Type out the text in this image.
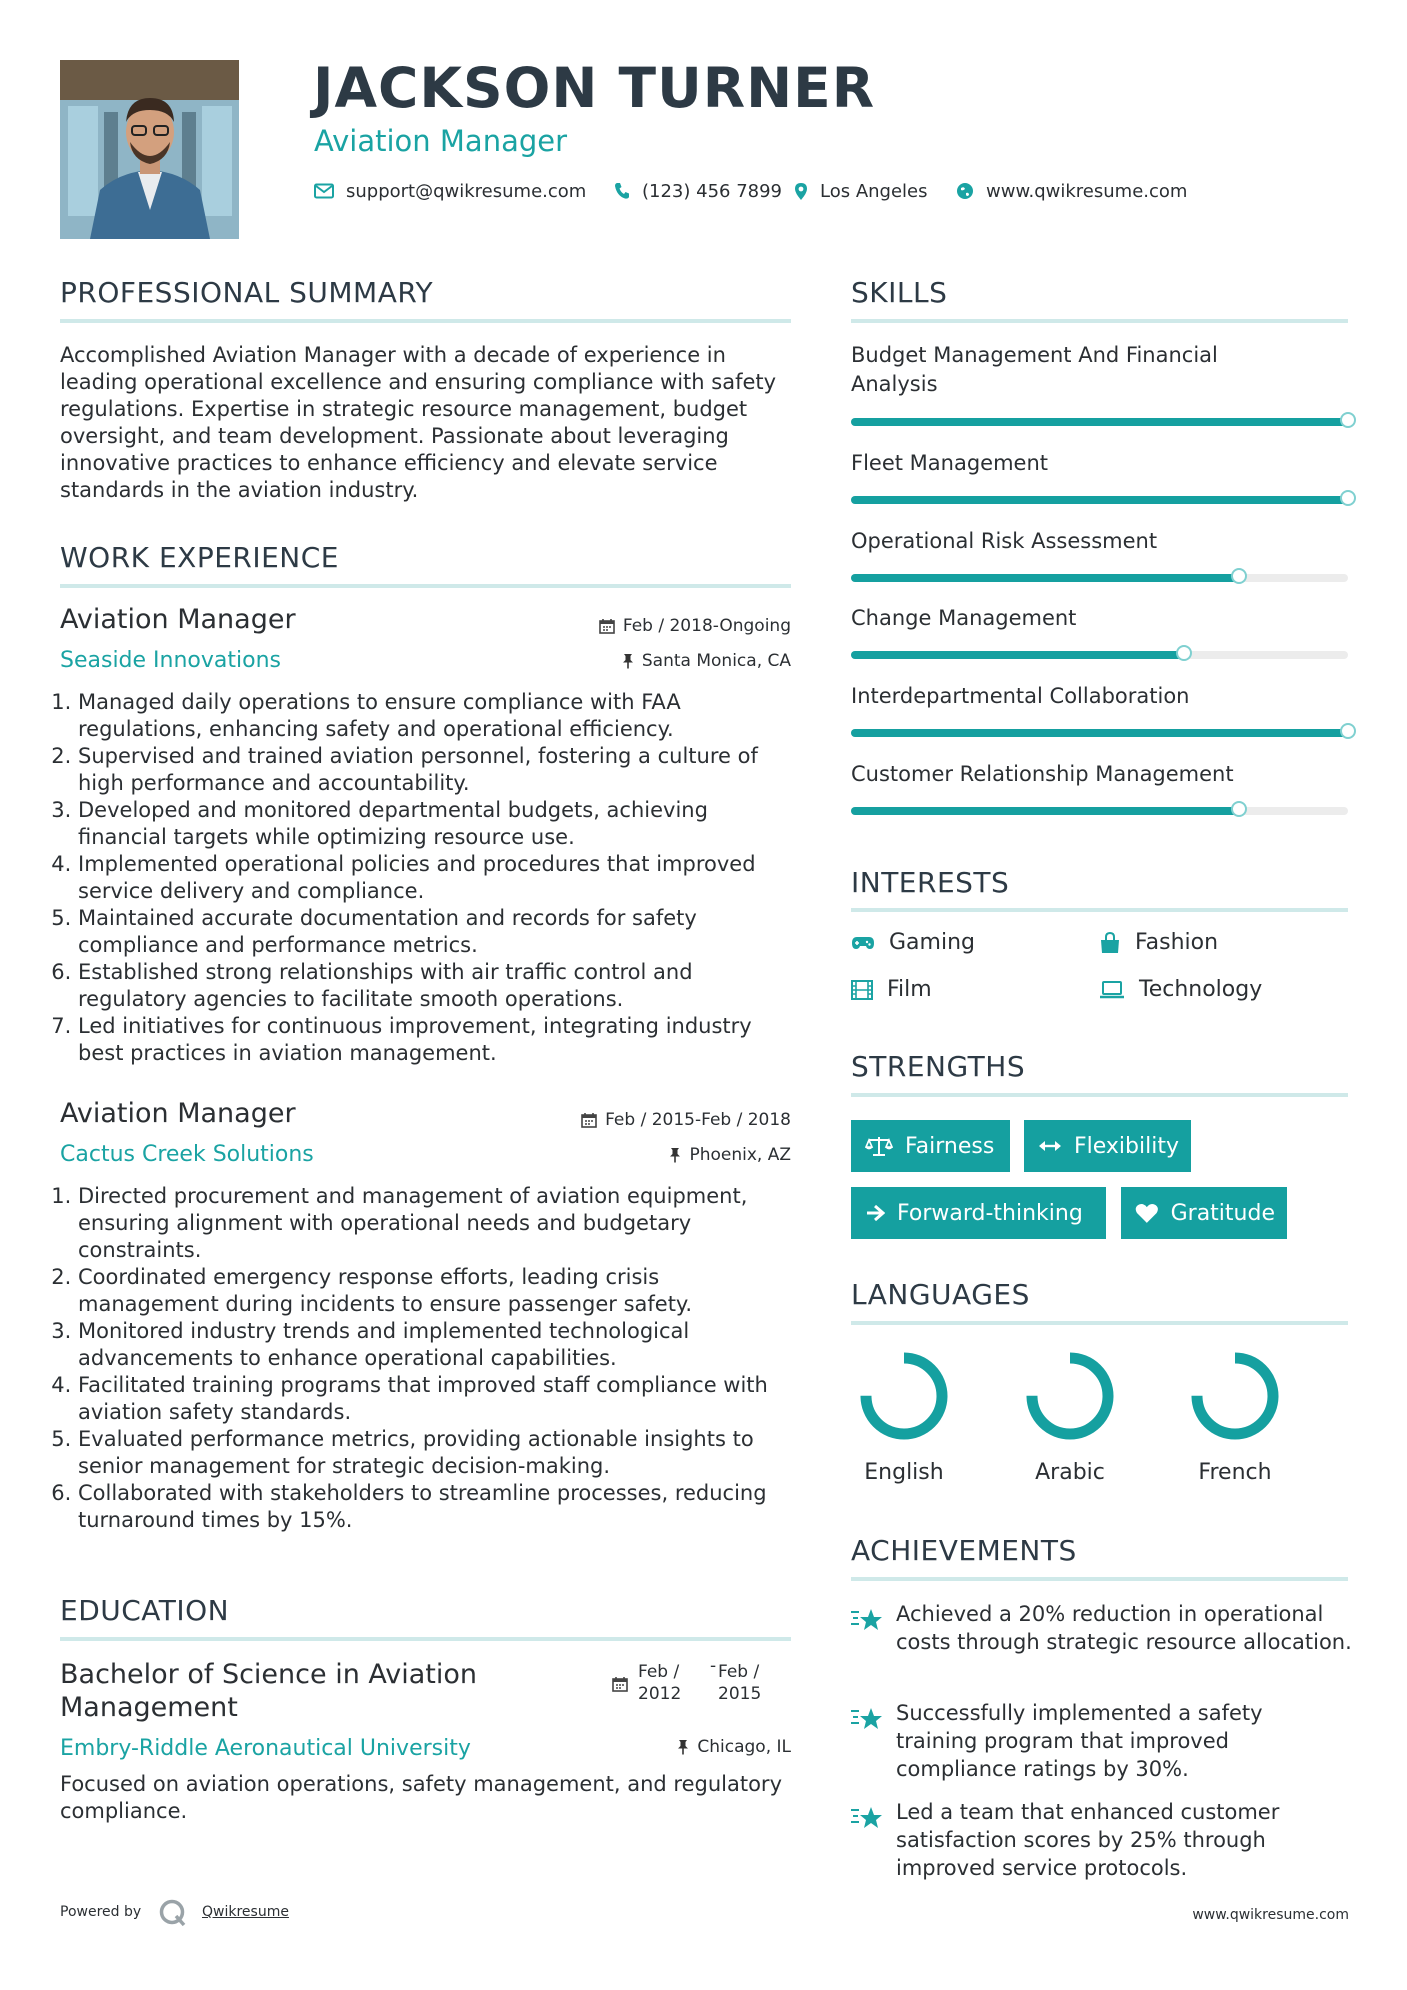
JACKSON TURNER
Aviation Manager
support@qwikresume.com	(123) 456 7899 Los Angeles	www.qwikresume.com
PROFESSIONAL SUMMARY
Accomplished Aviation Manager with a decade of experience in leading operational excellence and ensuring compliance with safety regulations. Expertise in strategic resource management, budget oversight, and team development. Passionate about leveraging innovative practices to enhance efficiency and elevate service standards in the aviation industry.
WORK EXPERIENCE
Aviation Manager
Seaside Innovations
Feb / 2018-Ongoing
Santa Monica, CA
1. Managed daily operations to ensure compliance with FAA regulations, enhancing safety and operational efficiency.
2. Supervised and trained aviation personnel, fostering a culture of high performance and accountability.
3. Developed and monitored departmental budgets, achieving financial targets while optimizing resource use.
4. Implemented operational policies and procedures that improved service delivery and compliance.
5. Maintained accurate documentation and records for safety compliance and performance metrics.
6. Established strong relationships with air traffic control and regulatory agencies to facilitate smooth operations.
7. Led initiatives for continuous improvement, integrating industry best practices in aviation management.
Aviation Manager
Cactus Creek Solutions
Feb / 2015-Feb / 2018
Phoenix, AZ
1. Directed procurement and management of aviation equipment, ensuring alignment with operational needs and budgetary constraints.
2. Coordinated emergency response efforts, leading crisis management during incidents to ensure passenger safety.
3. Monitored industry trends and implemented technological advancements to enhance operational capabilities.
4. Facilitated training programs that improved staff compliance with aviation safety standards.
5. Evaluated performance metrics, providing actionable insights to senior management for strategic decision-making.
6. Collaborated with stakeholders to streamline processes, reducing turnaround times by 15%.
EDUCATION
Bachelor of Science in Aviation Management
Embry-Riddle Aeronautical University
Feb / 2012
- Feb / 2015
Chicago, IL
Focused on aviation operations, safety management, and regulatory compliance.
SKILLS
Budget Management And Financial Analysis
Fleet Management
Operational Risk Assessment
Change Management
Interdepartmental Collaboration
Customer Relationship Management
INTERESTS
Gaming	Fashion
Film	Technology
STRENGTHS
Fairness	Flexibility
Forward-thinking	Gratitude
LANGUAGES
English	Arabic	French
ACHIEVEMENTS
Achieved a 20% reduction in operational costs through strategic resource allocation.
Successfully implemented a safety training program that improved compliance ratings by 30%.
Led a team that enhanced customer satisfaction scores by 25% through improved service protocols.
Powered by	Qwikresume	www.qwikresume.com
